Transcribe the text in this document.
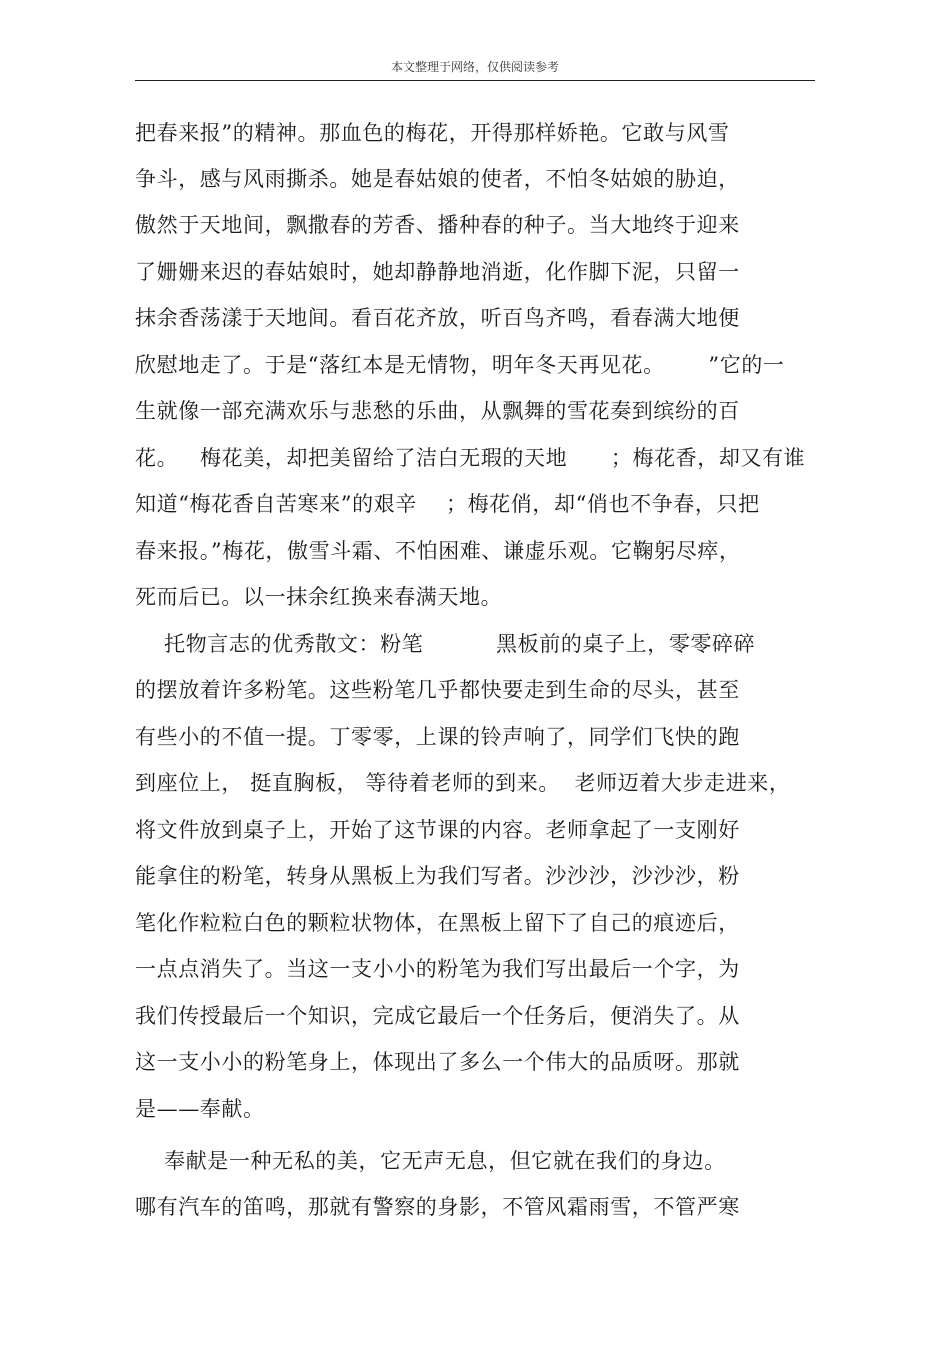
本文整理于网络，仅供阅读参考
把春来报”的精神。那血色的梅花，开得那样娇艳。它敢与风雪
争斗，感与风雨撕杀。她是春姑娘的使者，不怕冬姑娘的胁迫，
傲然于天地间，飘撒春的芳香、播种春的种子。当大地终于迎来
了姗姗来迟的春姑娘时，她却静静地消逝，化作脚下泥，只留一
抹余香荡漾于天地间。看百花齐放，听百鸟齐鸣，看春满大地便
欣慰地走了。于是“落红本是无情物，明年冬天再见花。      ”它的一
生就像一部充满欢乐与悲愁的乐曲，从飘舞的雪花奏到缤纷的百
花。   梅花美，却把美留给了洁白无瑕的天地      ；梅花香，却又有谁
知道“梅花香自苦寒来”的艰辛    ；梅花俏，却“俏也不争春，只把
春来报。”梅花，傲雪斗霜、不怕困难、谦虚乐观。它鞠躬尽瘁，
死而后已。以一抹余红换来春满天地。
托物言志的优秀散文：粉笔          黑板前的桌子上，零零碎碎
的摆放着许多粉笔。这些粉笔几乎都快要走到生命的尽头，甚至
有些小的不值一提。丁零零，上课的铃声响了，同学们飞快的跑
到座位上， 挺直胸板， 等待着老师的到来。  老师迈着大步走进来，
将文件放到桌子上，开始了这节课的内容。老师拿起了一支刚好
能拿住的粉笔，转身从黑板上为我们写者。沙沙沙，沙沙沙，粉
笔化作粒粒白色的颗粒状物体，在黑板上留下了自己的痕迹后，
一点点消失了。当这一支小小的粉笔为我们写出最后一个字，为
我们传授最后一个知识，完成它最后一个任务后，便消失了。从
这一支小小的粉笔身上，体现出了多么一个伟大的品质呀。那就
是——奉献。
奉献是一种无私的美，它无声无息，但它就在我们的身边。
哪有汽车的笛鸣，那就有警察的身影，不管风霜雨雪，不管严寒
